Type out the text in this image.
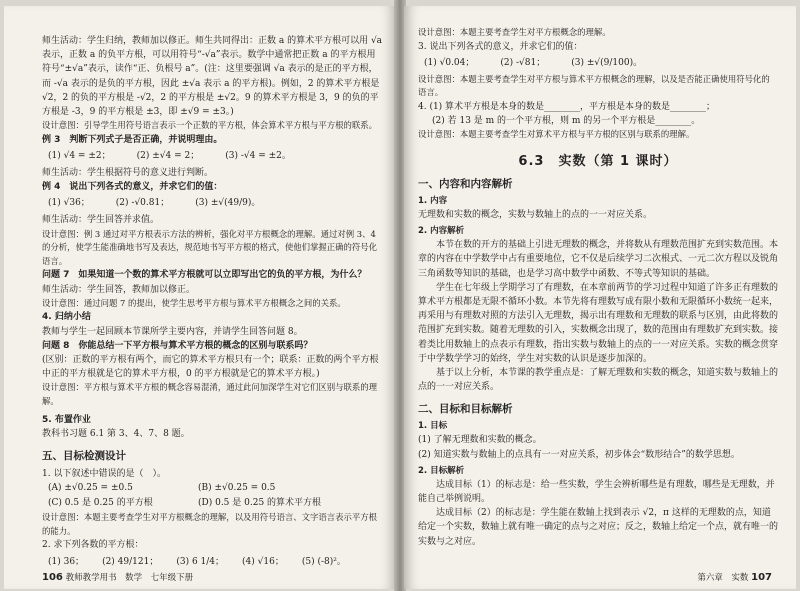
师生活动：学生归纳，教师加以修正。师生共同得出：正数 a 的算术平方根可以用 √a 表示，正数 a 的负平方根，可以用符号“-√a”表示。数学中通常把正数 a 的平方根用符号“±√a”表示，读作“正、负根号 a”。(注：这里要强调 √a 表示的是正的平方根，而 -√a 表示的是负的平方根，因此 ±√a 表示 a 的平方根)。例如，2 的算术平方根是 √2，2 的负的平方根是 -√2，2 的平方根是 ±√2。9 的算术平方根是 3，9 的负的平方根是 -3，9 的平方根是 ±3，即 ±√9 = ±3。)

设计意图：引导学生用符号语言表示一个正数的平方根，体会算术平方根与平方根的联系。

例 3　判断下列式子是否正确，并说明理由。

(1) √4 = ±2；	(2) ±√4 = 2；	(3) -√4 = ±2。

师生活动：学生根据符号的意义进行判断。

例 4　说出下列各式的意义，并求它们的值：

(1) √36；	(2) -√0.81；	(3) ±√(49/9)。

师生活动：学生回答并求值。

设计意图：例 3 通过对平方根表示方法的辨析，强化对平方根概念的理解。通过对例 3、4 的分析，使学生能准确地书写及表达，规范地书写平方根的格式，使他们掌握正确的符号化语言。

问题 7　如果知道一个数的算术平方根就可以立即写出它的负的平方根，为什么？

师生活动：学生回答，教师加以修正。

设计意图：通过问题 7 的提出，使学生思考平方根与算术平方根概念之间的关系。

4. 归纳小结

教师与学生一起回顾本节课所学主要内容，并请学生回答问题 8。

问题 8　你能总结一下平方根与算术平方根的概念的区别与联系吗？

(区别：正数的平方根有两个，而它的算术平方根只有一个；联系：正数的两个平方根中正的平方根就是它的算术平方根，0 的平方根就是它的算术平方根。)

设计意图：平方根与算术平方根的概念容易混淆，通过此问加深学生对它们区别与联系的理解。

5. 布置作业

教科书习题 6.1 第 3、4、7、8 题。

五、目标检测设计

1. 以下叙述中错误的是（　）。

(A) ±√0.25 = ±0.5	(B) ±√0.25 = 0.5
(C) 0.5 是 0.25 的平方根	(D) 0.5 是 0.25 的算术平方根

设计意图：本题主要考查学生对平方根概念的理解，以及用符号语言、文字语言表示平方根的能力。

2. 求下列各数的平方根：

(1) 36； (2) 49/121； (3) 6 1/4； (4) √16； (5) (-8)²。
106 教师教学用书　数学　七年级下册

设计意图：本题主要考查学生对平方根概念的理解。

3. 说出下列各式的意义，并求它们的值：

(1) √0.04；	(2) -√81；	(3) ±√(9/100)。

设计意图：本题主要考查学生对平方根与算术平方根概念的理解，以及是否能正确使用符号化的语言。

4. (1) 算术平方根是本身的数是________，平方根是本身的数是________；

(2) 若 13 是 m 的一个平方根，则 m 的另一个平方根是________。

设计意图：本题主要考查学生对算术平方根与平方根的区别与联系的理解。

6.3　实数（第 1 课时）
一、内容和内容解析
1. 内容

无理数和实数的概念，实数与数轴上的点的一一对应关系。

2. 内容解析

本节在数的开方的基础上引进无理数的概念，并将数从有理数范围扩充到实数范围。本章的内容在中学数学中占有重要地位，它不仅是后续学习二次根式、一元二次方程以及锐角三角函数等知识的基础，也是学习高中数学中函数、不等式等知识的基础。

学生在七年级上学期学习了有理数，在本章前两节的学习过程中知道了许多正有理数的算术平方根都是无限不循环小数。本节先将有理数写成有限小数和无限循环小数统一起来，再采用与有理数对照的方法引入无理数，揭示出有理数和无理数的联系与区别，由此将数的范围扩充到实数。随着无理数的引入，实数概念出现了，数的范围由有理数扩充到实数。接着类比用数轴上的点表示有理数，指出实数与数轴上的点的一一对应关系。实数的概念贯穿于中学数学学习的始终，学生对实数的认识是逐步加深的。

基于以上分析，本节课的教学重点是：了解无理数和实数的概念，知道实数与数轴上的点的一一对应关系。

二、目标和目标解析
1. 目标

(1) 了解无理数和实数的概念。

(2) 知道实数与数轴上的点具有一一对应关系，初步体会“数形结合”的数学思想。

2. 目标解析

达成目标（1）的标志是：给一些实数，学生会辨析哪些是有理数，哪些是无理数，并能自己举例说明。

达成目标（2）的标志是：学生能在数轴上找到表示 √2，π 这样的无理数的点，知道给定一个实数，数轴上就有唯一确定的点与之对应；反之，数轴上给定一个点，就有唯一的实数与之对应。

第六章　实数 107
